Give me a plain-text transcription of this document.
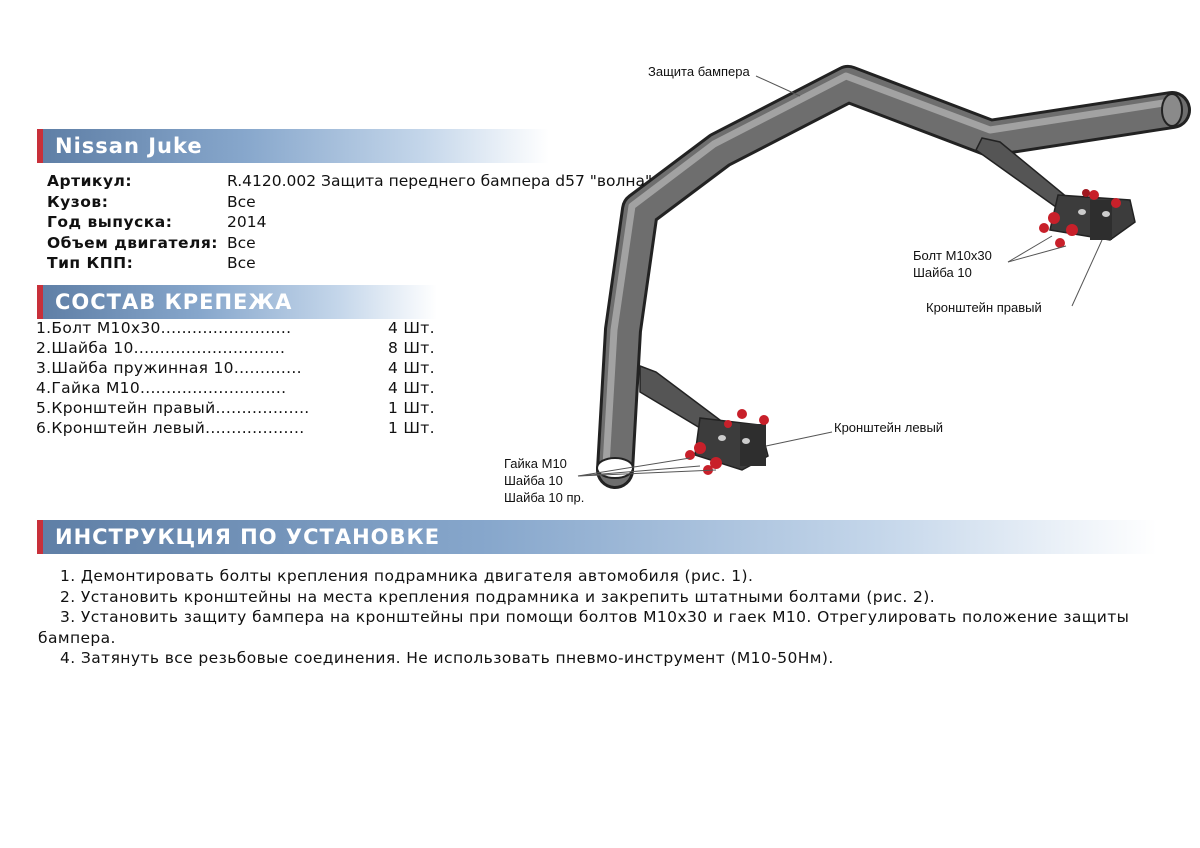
Защита бампера
Болт М10х30
Шайба 10
Кронштейн правый
Кронштейн левый
Гайка М10
Шайба 10
Шайба 10 пр.
Nissan Juke
Артикул:	R.4120.002 Защита переднего бампера d57 "волна"
Кузов:	Все
Год выпуска:	2014
Объем двигателя: Все
Тип КПП:	Все
СОСТАВ КРЕПЕЖА
1.Болт М10х30.........................	4 Шт.
2.Шайба 10.............................	8 Шт.
3.Шайба пружинная 10.............	4 Шт.
4.Гайка М10............................	4 Шт.
5.Кронштейн правый..................	1 Шт.
6.Кронштейн левый...................	1 Шт.
ИНСТРУКЦИЯ ПО УСТАНОВКЕ

1. Демонтировать болты крепления подрамника двигателя автомобиля (рис. 1).

2. Установить кронштейны на места крепления подрамника и закрепить штатными болтами (рис. 2).

3. Установить защиту бампера на кронштейны при помощи болтов М10х30 и гаек М10. Отрегулировать положение защиты бампера.

4. Затянуть все резьбовые соединения. Не использовать пневмо-инструмент (М10-50Нм).
